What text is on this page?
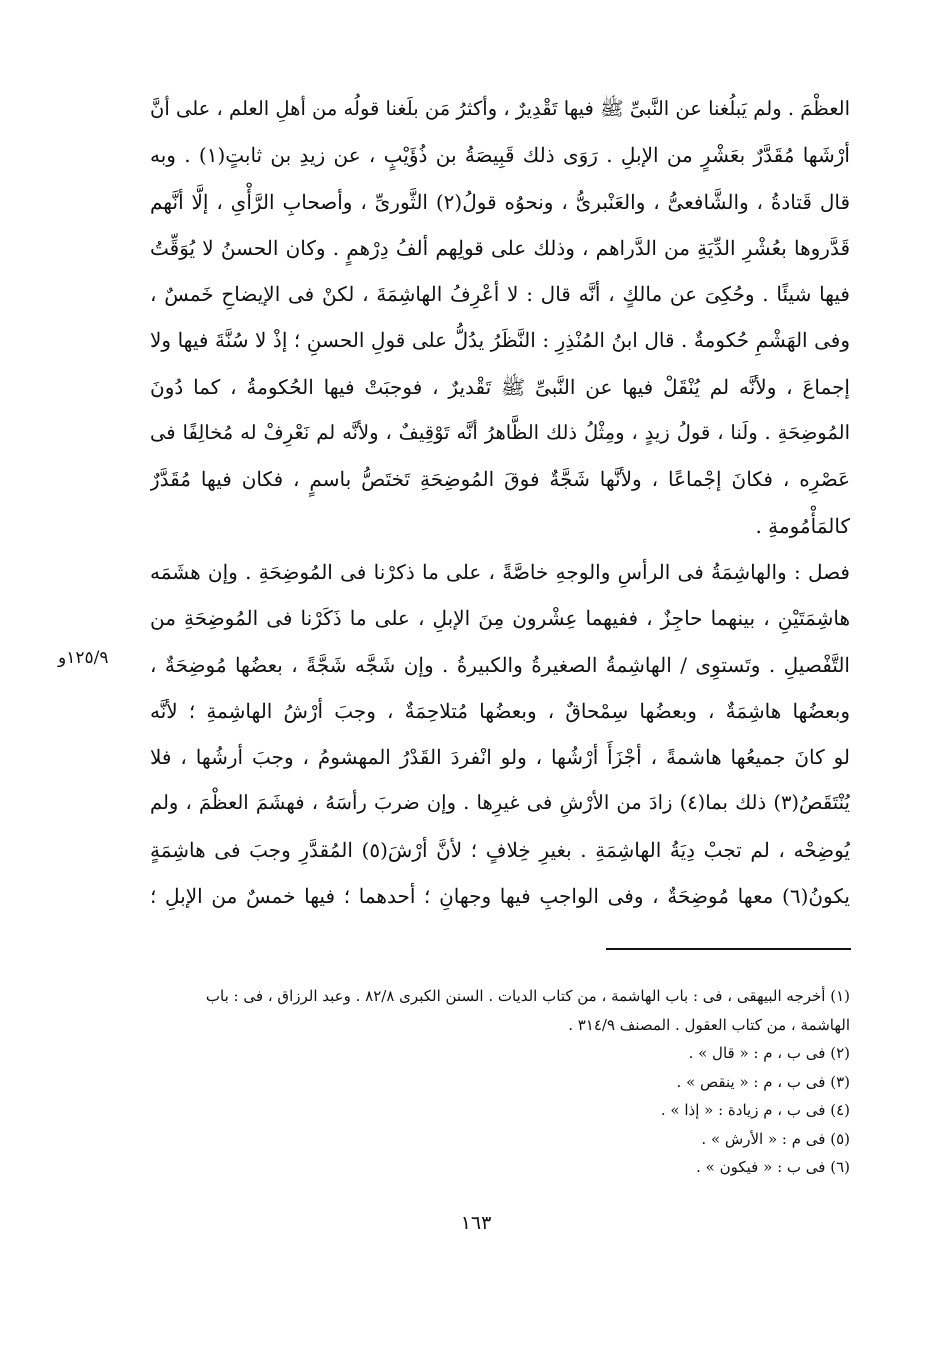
العظْمَ . ولم يَبلُغنا عن النَّبىِّ ﷺ فيها تَقْدِيرٌ ، وأكثرُ مَن بلَغنا قولُه من أهلِ العلم ، على أنَّ
أرْشَها مُقَدَّرٌ بعَشْرٍ من الإبلِ . رَوَى ذلك قَبِيصَةُ بن ذُؤَيْبٍ ، عن زيدِ بن ثابتٍ(١) . وبه
قال قَتادةُ ، والشَّافعىُّ ، والعَنْبرىُّ ، ونحوُه قولُ(٢) الثَّورىِّ ، وأصحابِ الرَّأْىِ ، إلَّا أنَّهم
قَدَّروها بعُشْرِ الدِّيَةِ من الدَّراهم ، وذلك على قولِهم ألفُ دِرْهمٍ . وكان الحسنُ لا يُوَقِّتُ
فيها شيئًا . وحُكِىَ عن مالكٍ ، أنَّه قال : لا أعْرِفُ الهاشِمَةَ ، لكنْ فى الإيضاحِ خَمسٌ ،
وفى الهَشْمِ حُكومةٌ . قال ابنُ المُنْذِرِ : النَّظَرُ يدُلُّ على قولِ الحسنِ ؛ إذْ لا سُنَّةَ فيها ولا
إجماعَ ، ولأنَّه لم يُنْقَلْ فيها عن النَّبىِّ ﷺ تَقْديرٌ ، فوجبَتْ فيها الحُكومةُ ، كما دُونَ
المُوضِحَةِ . ولَنا ، قولُ زيدٍ ، ومِثْلُ ذلك الظَّاهرُ أنَّه تَوْقِيفٌ ، ولأنَّه لم نَعْرِفْ له مُخالِفًا فى
عَصْرِه ، فكانَ إجْماعًا ، ولأنَّها شَجَّةٌ فوقَ المُوضِحَةِ تَختَصُّ باسمٍ ، فكان فيها مُقَدَّرٌ
كالمَأْمُومةِ .
فصل : والهاشِمَةُ فى الرأسِ والوجهِ خاصَّةً ، على ما ذكرْنا فى المُوضِحَةِ . وإن هشَمَه
هاشِمَتَيْنِ ، بينهما حاجِزٌ ، ففيهما عِشْرون مِنَ الإبلِ ، على ما ذَكَرْنا فى المُوضِحَةِ من
التَّفْصيلِ . وتَستوِى / الهاشِمةُ الصغيرةُ والكبيرةُ . وإن شَجَّه شَجَّةً ، بعضُها مُوضِحَةٌ ،
وبعضُها هاشِمَةٌ ، وبعضُها سِمْحاقٌ ، وبعضُها مُتلاحِمَةٌ ، وجبَ أرْشُ الهاشِمةِ ؛ لأنَّه
لو كانَ جميعُها هاشمةً ، أجْزَأَ أرْشُها ، ولو انْفردَ القَدْرُ المهشومُ ، وجبَ أرشُها ، فلا
يُنْتَقَصُ(٣) ذلك بما(٤) زادَ من الأرْشِ فى غيرِها . وإن ضربَ رأسَهُ ، فهشَمَ العظْمَ ، ولم
يُوضِحْه ، لم تجبْ دِيَةُ الهاشِمَةِ . بغيرِ خِلافٍ ؛ لأنَّ أرْشَ(٥) المُقدَّرِ وجبَ فى هاشِمَةٍ
يكونُ(٦) معها مُوضِحَةٌ ، وفى الواجبِ فيها وجهانِ ؛ أحدهما ؛ فيها خمسٌ من الإبلِ ؛
١٢٥/٩و
(١) أخرجه البيهقى ، فى : باب الهاشمة ، من كتاب الديات . السنن الكبرى ٨٢/٨ . وعبد الرزاق ، فى : باب
الهاشمة ، من كتاب العقول . المصنف ٣١٤/٩ .
(٢) فى ب ، م : « قال » .
(٣) فى ب ، م : « ينقص » .
(٤) فى ب ، م زيادة : « إذا » .
(٥) فى م : « الأرش » .
(٦) فى ب : « فيكون » .
١٦٣
